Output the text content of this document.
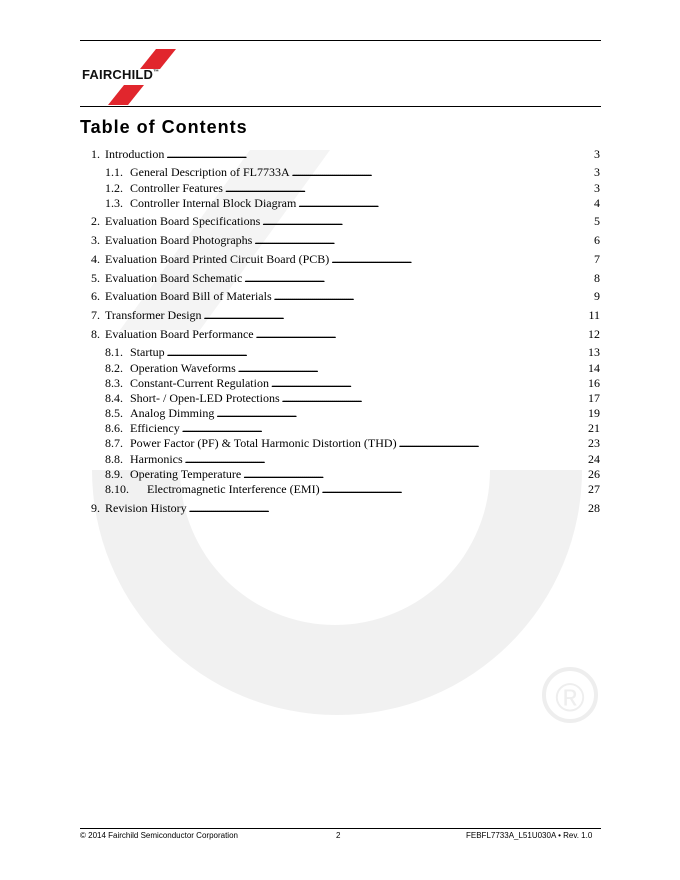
®
FAIRCHILD™
Table of Contents
1. Introduction . . .	3
1.1. General Description of FL7733A . . .	3
1.2. Controller Features . . .	3
1.3. Controller Internal Block Diagram . . .	4
2. Evaluation Board Specifications . . .	5
3. Evaluation Board Photographs . . .	6
4. Evaluation Board Printed Circuit Board (PCB) . . .	7
5. Evaluation Board Schematic . . .	8
6. Evaluation Board Bill of Materials . . .	9
7. Transformer Design . . .	11
8. Evaluation Board Performance . . .	12
8.1. Startup . . .	13
8.2. Operation Waveforms . . .	14
8.3. Constant-Current Regulation . . .	16
8.4. Short- / Open-LED Protections . . .	17
8.5. Analog Dimming . . .	19
8.6. Efficiency . . .	21
8.7. Power Factor (PF) & Total Harmonic Distortion (THD) . . .	23
8.8. Harmonics . . .	24
8.9. Operating Temperature . . .	26
8.10.	Electromagnetic Interference (EMI) . . .	27
9. Revision History . . .	28
© 2014 Fairchild Semiconductor Corporation	2	FEBFL7733A_L51U030A • Rev. 1.0
